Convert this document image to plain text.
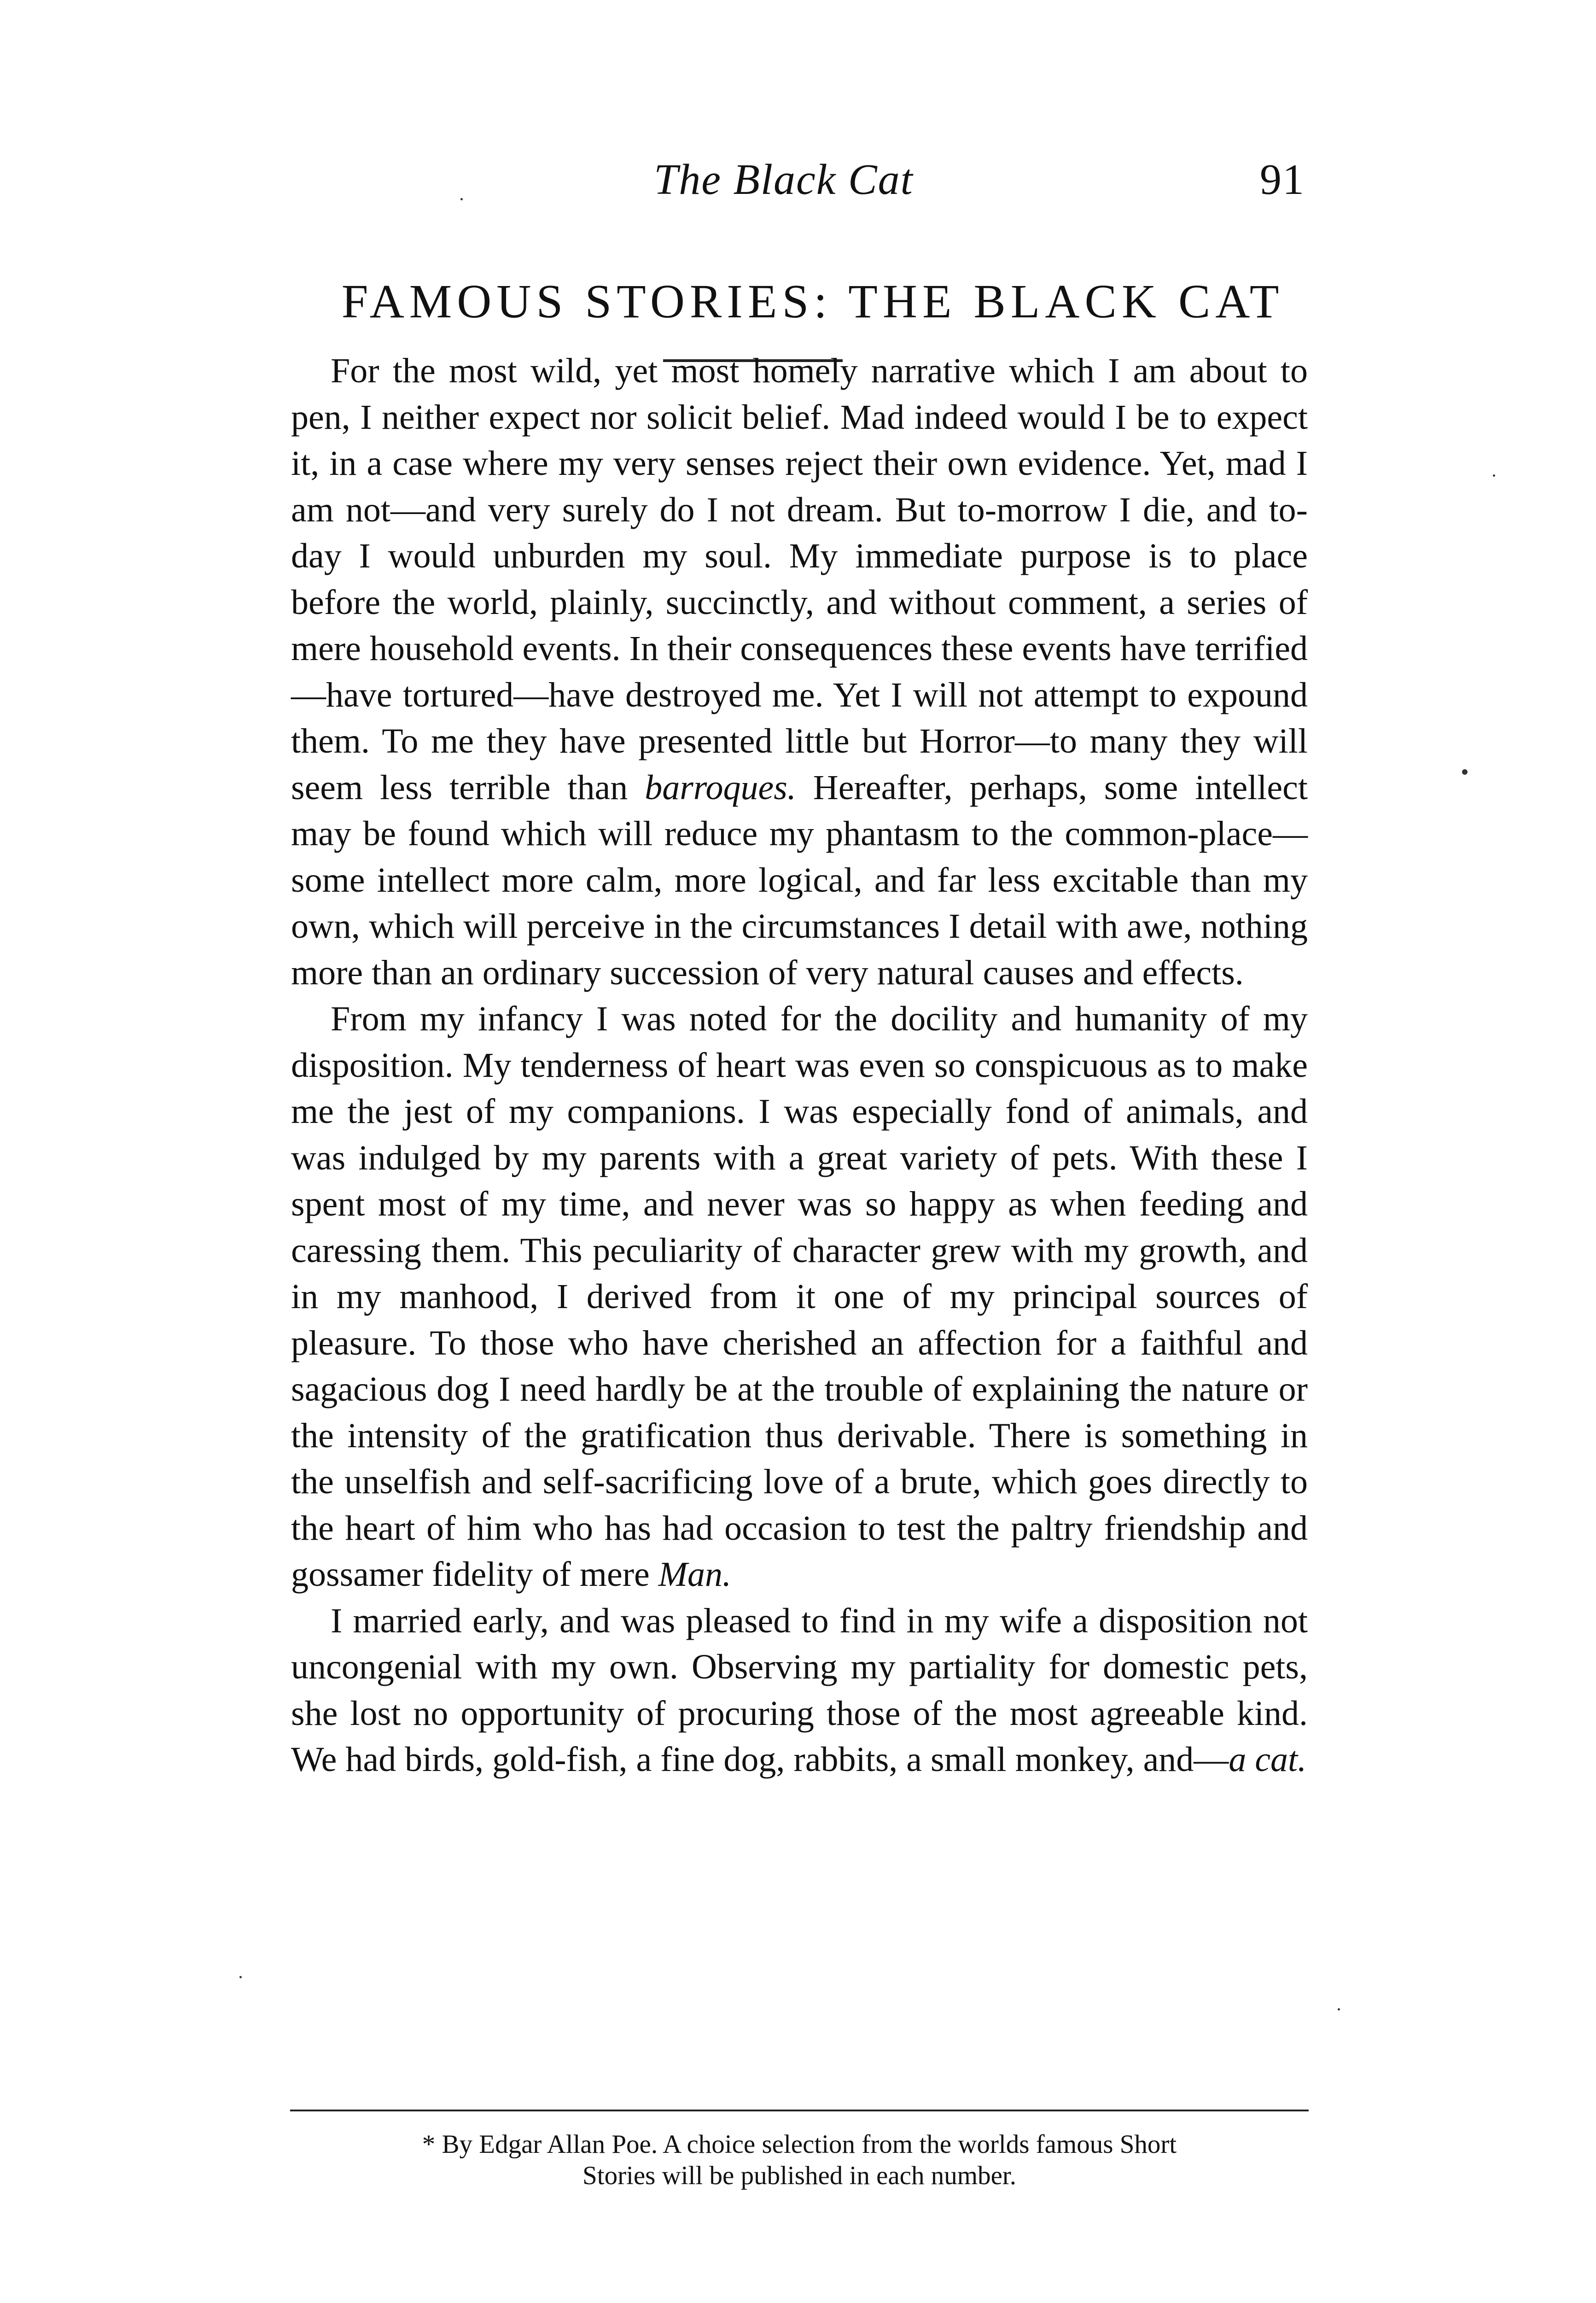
The Black Cat	91
FAMOUS STORIES: THE BLACK CAT

For the most wild, yet most homely narrative which I am about to pen, I neither expect nor solicit belief. Mad indeed would I be to expect it, in a case where my very senses reject their own evidence. Yet, mad I am not—and very surely do I not dream. But to-morrow I die, and to-day I would unburden my soul. My immediate purpose is to place before the world, plainly, succinctly, and without comment, a series of mere household events. In their consequences these events have terrified—have tortured—have destroyed me. Yet I will not attempt to expound them. To me they have presented little but Horror—to many they will seem less terrible than barroques. Hereafter, perhaps, some intellect may be found which will reduce my phantasm to the common-place—some intellect more calm, more logical, and far less excitable than my own, which will perceive in the circumstances I detail with awe, nothing more than an ordinary succession of very natural causes and effects.

From my infancy I was noted for the docility and humanity of my disposition. My tenderness of heart was even so conspicuous as to make me the jest of my companions. I was especially fond of animals, and was indulged by my parents with a great variety of pets. With these I spent most of my time, and never was so happy as when feeding and caressing them. This peculiarity of character grew with my growth, and in my manhood, I derived from it one of my principal sources of pleasure. To those who have cherished an affection for a faithful and sagacious dog I need hardly be at the trouble of explaining the nature or the intensity of the gratification thus derivable. There is something in the unselfish and self-sacrificing love of a brute, which goes directly to the heart of him who has had occasion to test the paltry friendship and gossamer fidelity of mere Man.

I married early, and was pleased to find in my wife a disposition not uncongenial with my own. Observing my partiality for domestic pets, she lost no opportunity of procuring those of the most agreeable kind. We had birds, gold-fish, a fine dog, rabbits, a small monkey, and—a cat.

* By Edgar Allan Poe. A choice selection from the worlds famous Short
Stories will be published in each number.
